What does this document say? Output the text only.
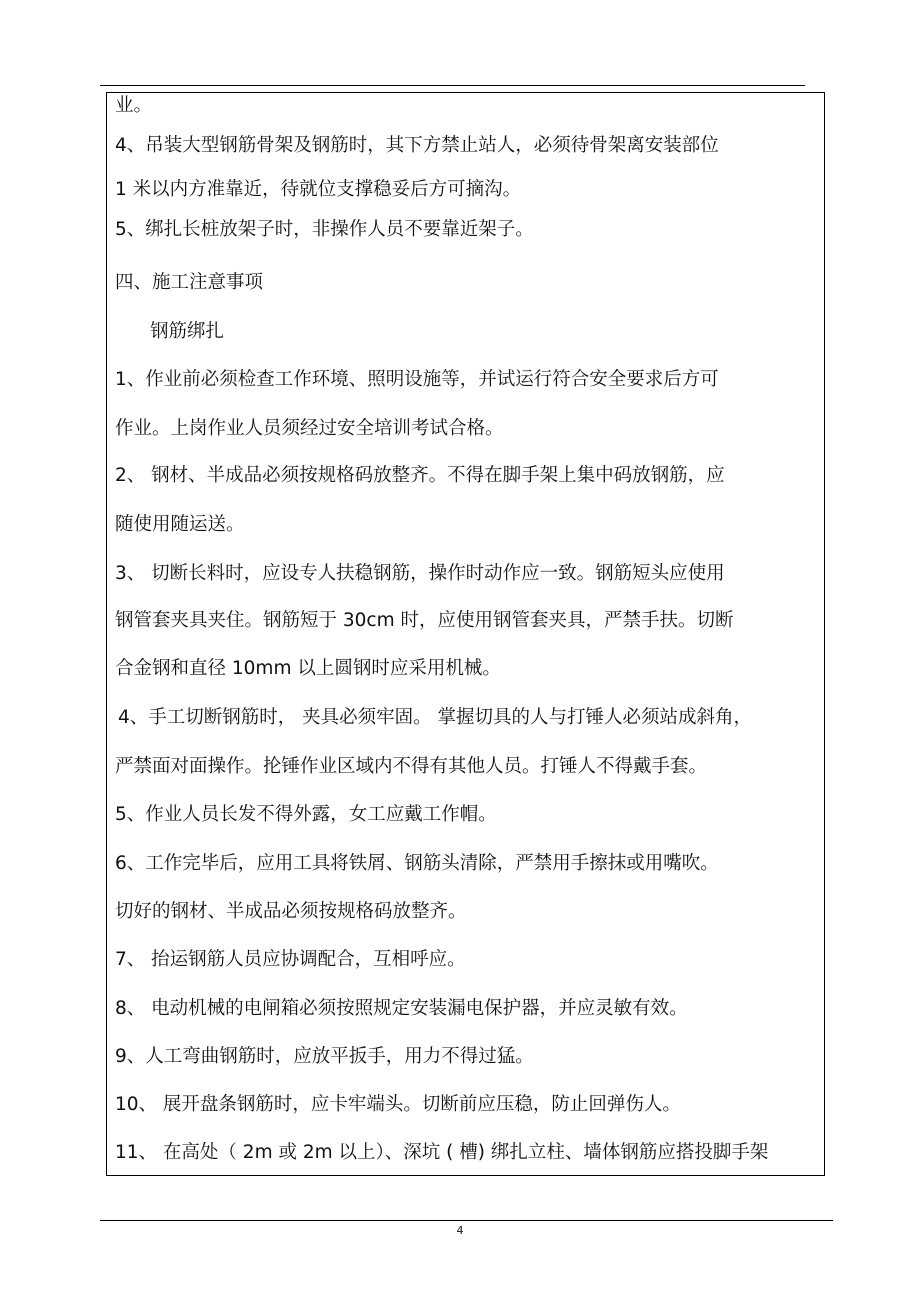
业。
4、吊装大型钢筋骨架及钢筋时，其下方禁止站人，必须待骨架离安装部位
1 米以内方准靠近，待就位支撑稳妥后方可摘沟。
5、绑扎长桩放架子时，非操作人员不要靠近架子。
四、施工注意事项
钢筋绑扎
1、作业前必须检查工作环境、照明设施等，并试运行符合安全要求后方可
作业。上岗作业人员须经过安全培训考试合格。
2、 钢材、半成品必须按规格码放整齐。不得在脚手架上集中码放钢筋，应
随使用随运送。
3、 切断长料时，应设专人扶稳钢筋，操作时动作应一致。钢筋短头应使用
钢管套夹具夹住。钢筋短于 30cm 时，应使用钢管套夹具，严禁手扶。切断
合金钢和直径 10mm 以上圆钢时应采用机械。
4、手工切断钢筋时， 夹具必须牢固。 掌握切具的人与打锤人必须站成斜角，
严禁面对面操作。抡锤作业区域内不得有其他人员。打锤人不得戴手套。
5、作业人员长发不得外露，女工应戴工作帽。
6、工作完毕后，应用工具将铁屑、钢筋头清除，严禁用手擦抹或用嘴吹。
切好的钢材、半成品必须按规格码放整齐。
7、 抬运钢筋人员应协调配合，互相呼应。
8、 电动机械的电闸箱必须按照规定安装漏电保护器，并应灵敏有效。
9、人工弯曲钢筋时，应放平扳手，用力不得过猛。
10、 展开盘条钢筋时，应卡牢端头。切断前应压稳，防止回弹伤人。
11、 在高处（ 2m 或 2m 以上）、深坑 ( 槽) 绑扎立柱、墙体钢筋应搭投脚手架
4
